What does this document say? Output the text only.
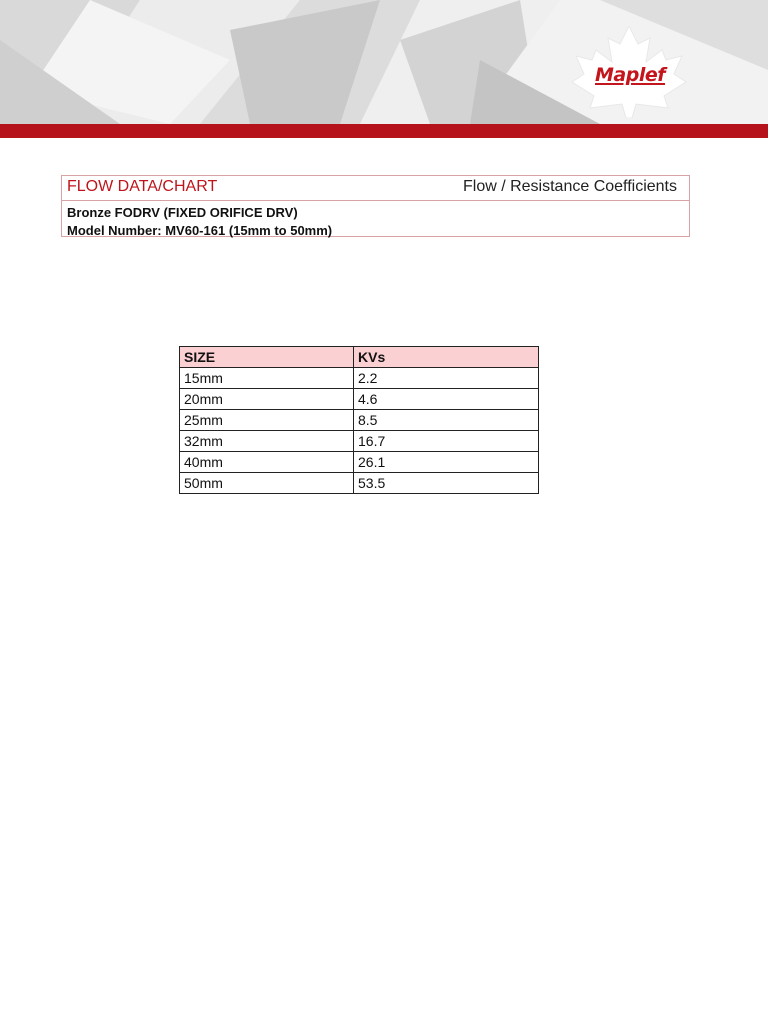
Maplef
FLOW DATA/CHART	Flow / Resistance Coefficients
Bronze FODRV (FIXED ORIFICE DRV)
Model Number: MV60-161 (15mm to 50mm)
SIZE	KVs
15mm	2.2
20mm	4.6
25mm	8.5
32mm	16.7
40mm	26.1
50mm	53.5
